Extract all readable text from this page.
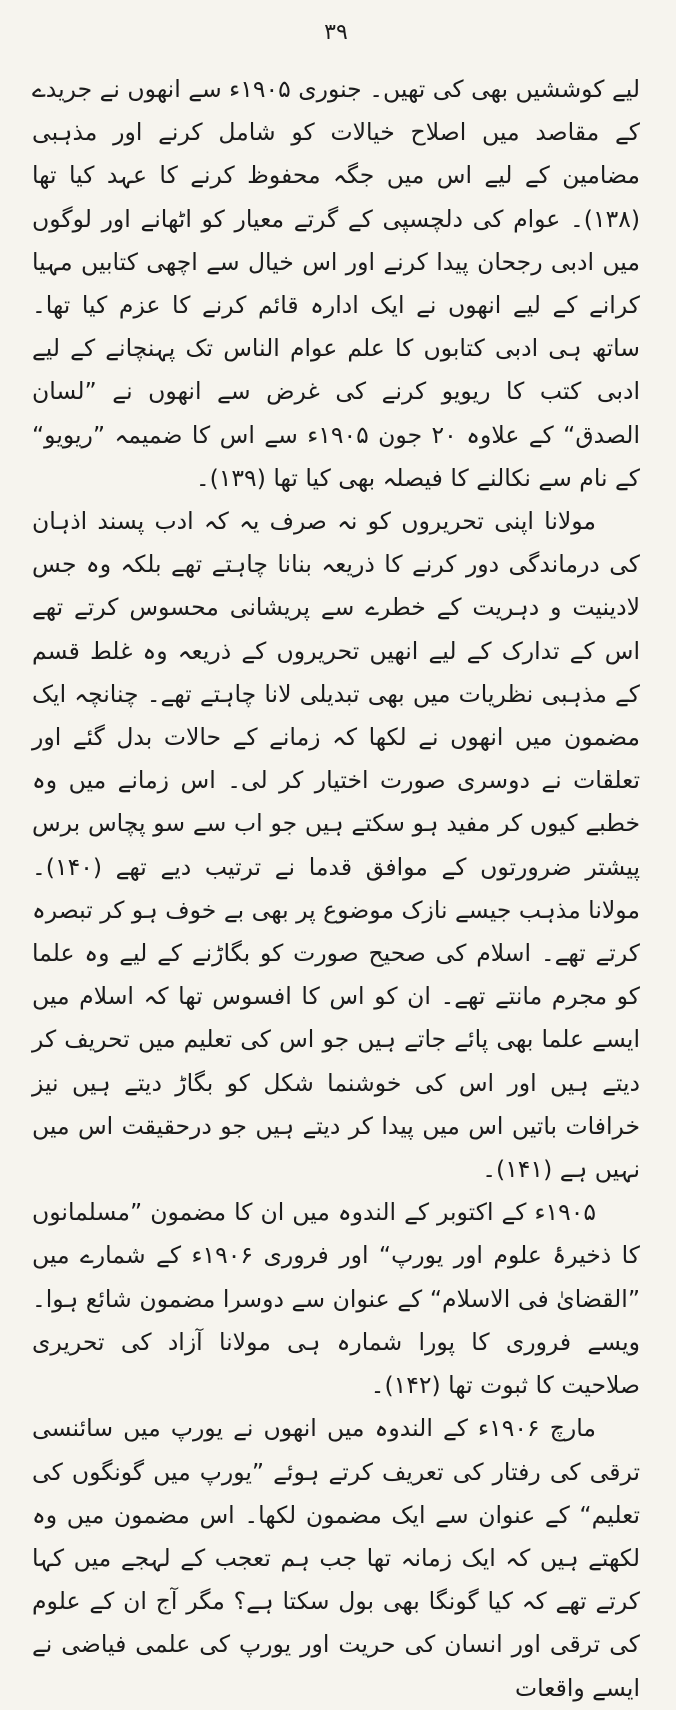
۳۹

لیے کوششیں بھی کی تھیں۔ جنوری ۱۹۰۵ء سے انھوں نے جریدے کے مقاصد میں اصلاح خیالات کو شامل کرنے اور مذہبی مضامین کے لیے اس میں جگہ محفوظ کرنے کا عہد کیا تھا (۱۳۸)۔ عوام کی دلچسپی کے گرتے معیار کو اٹھانے اور لوگوں میں ادبی رجحان پیدا کرنے اور اس خیال سے اچھی کتابیں مہیا کرانے کے لیے انھوں نے ایک ادارہ قائم کرنے کا عزم کیا تھا۔ ساتھ ہی ادبی کتابوں کا علم عوام الناس تک پہنچانے کے لیے ادبی کتب کا ریویو کرنے کی غرض سے انھوں نے ”لسان الصدق“ کے علاوہ ۲۰ جون ۱۹۰۵ء سے اس کا ضمیمہ ”ریویو“ کے نام سے نکالنے کا فیصلہ بھی کیا تھا (۱۳۹)۔

مولانا اپنی تحریروں کو نہ صرف یہ کہ ادب پسند اذہان کی درماندگی دور کرنے کا ذریعہ بنانا چاہتے تھے بلکہ وہ جس لادینیت و دہریت کے خطرے سے پریشانی محسوس کرتے تھے اس کے تدارک کے لیے انھیں تحریروں کے ذریعہ وہ غلط قسم کے مذہبی نظریات میں بھی تبدیلی لانا چاہتے تھے۔ چنانچہ ایک مضمون میں انھوں نے لکھا کہ زمانے کے حالات بدل گئے اور تعلقات نے دوسری صورت اختیار کر لی۔ اس زمانے میں وہ خطبے کیوں کر مفید ہو سکتے ہیں جو اب سے سو پچاس برس پیشتر ضرورتوں کے موافق قدما نے ترتیب دیے تھے (۱۴۰)۔ مولانا مذہب جیسے نازک موضوع پر بھی بے خوف ہو کر تبصرہ کرتے تھے۔ اسلام کی صحیح صورت کو بگاڑنے کے لیے وہ علما کو مجرم مانتے تھے۔ ان کو اس کا افسوس تھا کہ اسلام میں ایسے علما بھی پائے جاتے ہیں جو اس کی تعلیم میں تحریف کر دیتے ہیں اور اس کی خوشنما شکل کو بگاڑ دیتے ہیں نیز خرافات باتیں اس میں پیدا کر دیتے ہیں جو درحقیقت اس میں نہیں ہے (۱۴۱)۔

۱۹۰۵ء کے اکتوبر کے الندوہ میں ان کا مضمون ”مسلمانوں کا ذخیرۂ علوم اور یورپ“ اور فروری ۱۹۰۶ء کے شمارے میں ”القضایٰ فی الاسلام“ کے عنوان سے دوسرا مضمون شائع ہوا۔ ویسے فروری کا پورا شمارہ ہی مولانا آزاد کی تحریری صلاحیت کا ثبوت تھا (۱۴۲)۔

مارچ ۱۹۰۶ء کے الندوہ میں انھوں نے یورپ میں سائنسی ترقی کی رفتار کی تعریف کرتے ہوئے ”یورپ میں گونگوں کی تعلیم“ کے عنوان سے ایک مضمون لکھا۔ اس مضمون میں وہ لکھتے ہیں کہ ایک زمانہ تھا جب ہم تعجب کے لہجے میں کہا کرتے تھے کہ کیا گونگا بھی بول سکتا ہے؟ مگر آج ان کے علوم کی ترقی اور انسان کی حریت اور یورپ کی علمی فیاضی نے ایسے واقعات
